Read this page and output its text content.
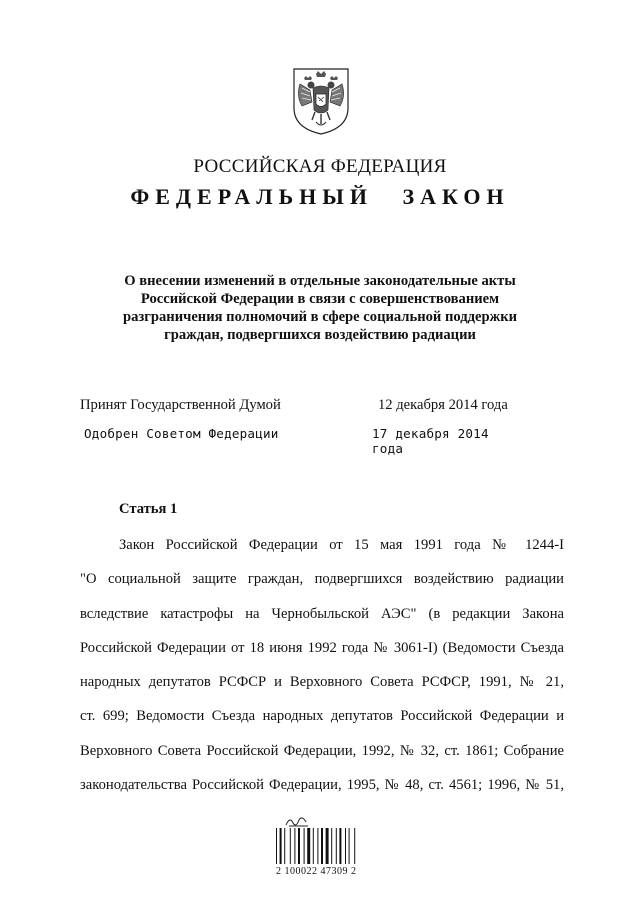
РОССИЙСКАЯ ФЕДЕРАЦИЯ
ФЕДЕРАЛЬНЫЙ ЗАКОН
О внесении изменений в отдельные законодательные акты
Российской Федерации в связи с совершенствованием
разграничения полномочий в сфере социальной поддержки
граждан, подвергшихся воздействию радиации
Принят Государственной Думой	12 декабря 2014 года
Одобрен Советом Федерации	17 декабря 2014 года
Статья 1
Закон Российской Федерации от 15 мая 1991 года № 1244-I
"О социальной защите граждан, подвергшихся воздействию радиации
вследствие катастрофы на Чернобыльской АЭС" (в редакции Закона
Российской Федерации от 18 июня 1992 года № 3061-I) (Ведомости Съезда
народных депутатов РСФСР и Верховного Совета РСФСР, 1991, № 21,
ст. 699; Ведомости Съезда народных депутатов Российской Федерации и
Верховного Совета Российской Федерации, 1992, № 32, ст. 1861; Собрание
законодательства Российской Федерации, 1995, № 48, ст. 4561; 1996, № 51,
2 100022 47309 2
